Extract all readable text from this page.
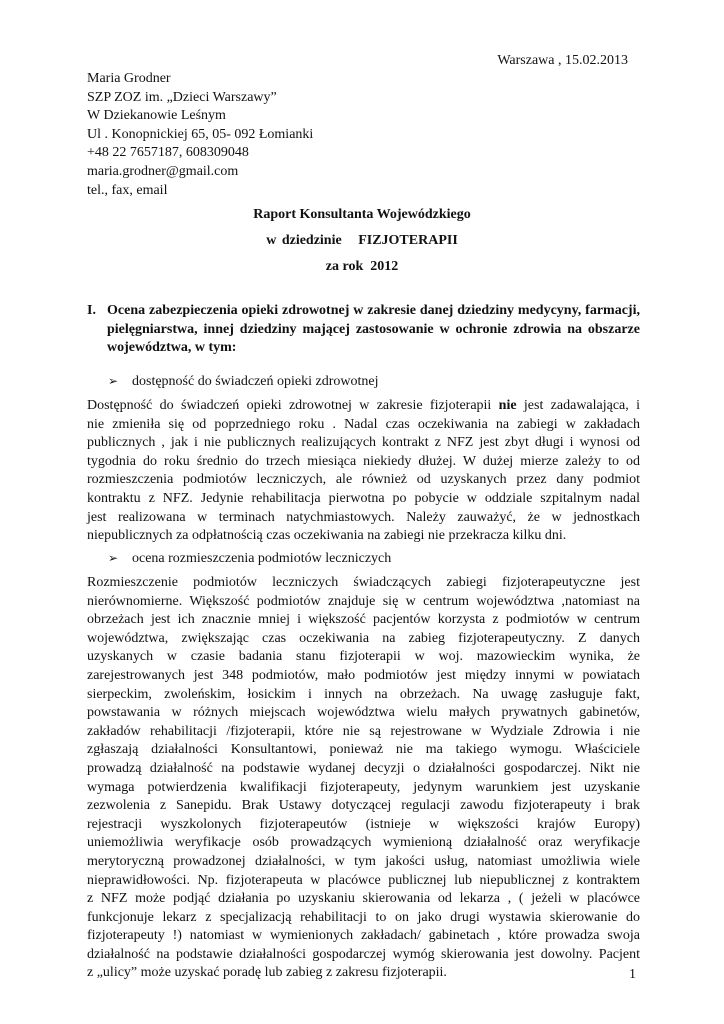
Warszawa , 15.02.2013
Maria Grodner
SZP ZOZ im. „Dzieci Warszawy”
W Dziekanowie Leśnym
Ul . Konopnickiej 65, 05- 092 Łomianki
+48 22 7657187, 608309048
maria.grodner@gmail.com
tel., fax, email
Raport Konsultanta Wojewódzkiego
w dziedzinie   FIZJOTERAPII
za rok  2012
I. Ocena zabezpieczenia opieki zdrowotnej w zakresie danej dziedziny medycyny, farmacji, pielęgniarstwa, innej dziedziny mającej zastosowanie w ochronie zdrowia na obszarze województwa, w tym:
➢ dostępność do świadczeń opieki zdrowotnej
Dostępność do świadczeń opieki zdrowotnej w zakresie fizjoterapii nie jest zadawalająca, i
nie zmieniła się od poprzedniego roku . Nadal czas oczekiwania na zabiegi w zakładach
publicznych , jak i nie publicznych realizujących kontrakt z NFZ jest zbyt długi i wynosi od
tygodnia do roku średnio do trzech miesiąca niekiedy dłużej. W dużej mierze zależy to od
rozmieszczenia podmiotów leczniczych, ale również od uzyskanych przez dany podmiot
kontraktu z NFZ. Jedynie rehabilitacja pierwotna po pobycie w oddziale szpitalnym nadal
jest realizowana w terminach natychmiastowych. Należy zauważyć, że w jednostkach
niepublicznych za odpłatnością czas oczekiwania na zabiegi nie przekracza kilku dni.
➢ ocena rozmieszczenia podmiotów leczniczych
Rozmieszczenie podmiotów leczniczych świadczących zabiegi fizjoterapeutyczne jest
nierównomierne. Większość podmiotów znajduje się w centrum województwa ,natomiast na
obrzeżach jest ich znacznie mniej i większość pacjentów korzysta z podmiotów w centrum
województwa, zwiększając czas oczekiwania na zabieg fizjoterapeutyczny. Z danych
uzyskanych w czasie badania stanu fizjoterapii w woj. mazowieckim wynika, że
zarejestrowanych jest 348 podmiotów, mało podmiotów jest między innymi w powiatach
sierpeckim, zwoleńskim, łosickim i innych na obrzeżach. Na uwagę zasługuje fakt,
powstawania w różnych miejscach województwa wielu małych prywatnych gabinetów,
zakładów rehabilitacji /fizjoterapii, które nie są rejestrowane w Wydziale Zdrowia i nie
zgłaszają działalności Konsultantowi, ponieważ nie ma takiego wymogu. Właściciele
prowadzą działalność na podstawie wydanej decyzji o działalności gospodarczej. Nikt nie
wymaga potwierdzenia kwalifikacji fizjoterapeuty, jedynym warunkiem jest uzyskanie
zezwolenia z Sanepidu. Brak Ustawy dotyczącej regulacji zawodu fizjoterapeuty i brak
rejestracji wyszkolonych fizjoterapeutów (istnieje w większości krajów Europy)
uniemożliwia weryfikacje osób prowadzących wymienioną działalność oraz weryfikacje
merytoryczną prowadzonej działalności, w tym jakości usług, natomiast umożliwia wiele
nieprawidłowości. Np. fizjoterapeuta w placówce publicznej lub niepublicznej z kontraktem
z NFZ może podjąć działania po uzyskaniu skierowania od lekarza , ( jeżeli w placówce
funkcjonuje lekarz z specjalizacją rehabilitacji to on jako drugi wystawia skierowanie do
fizjoterapeuty !) natomiast w wymienionych zakładach/ gabinetach , które prowadza swoja
działalność na podstawie działalności gospodarczej wymóg skierowania jest dowolny. Pacjent
z „ulicy” może uzyskać poradę lub zabieg z zakresu fizjoterapii.	1
